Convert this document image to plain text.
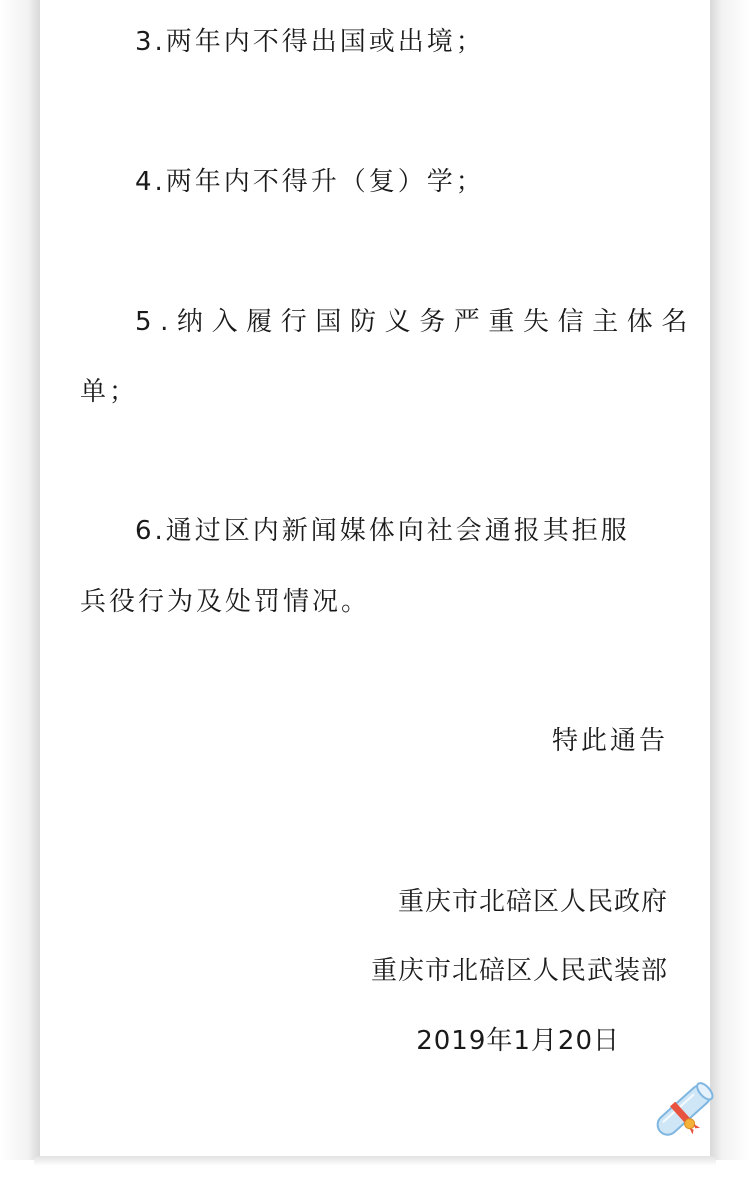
3.两年内不得出国或出境；

4.两年内不得升（复）学；

5.纳入履行国防义务严重失信主体名

单；

6.通过区内新闻媒体向社会通报其拒服

兵役行为及处罚情况。

特此通告

重庆市北碚区人民政府

重庆市北碚区人民武装部

2019年1月20日
